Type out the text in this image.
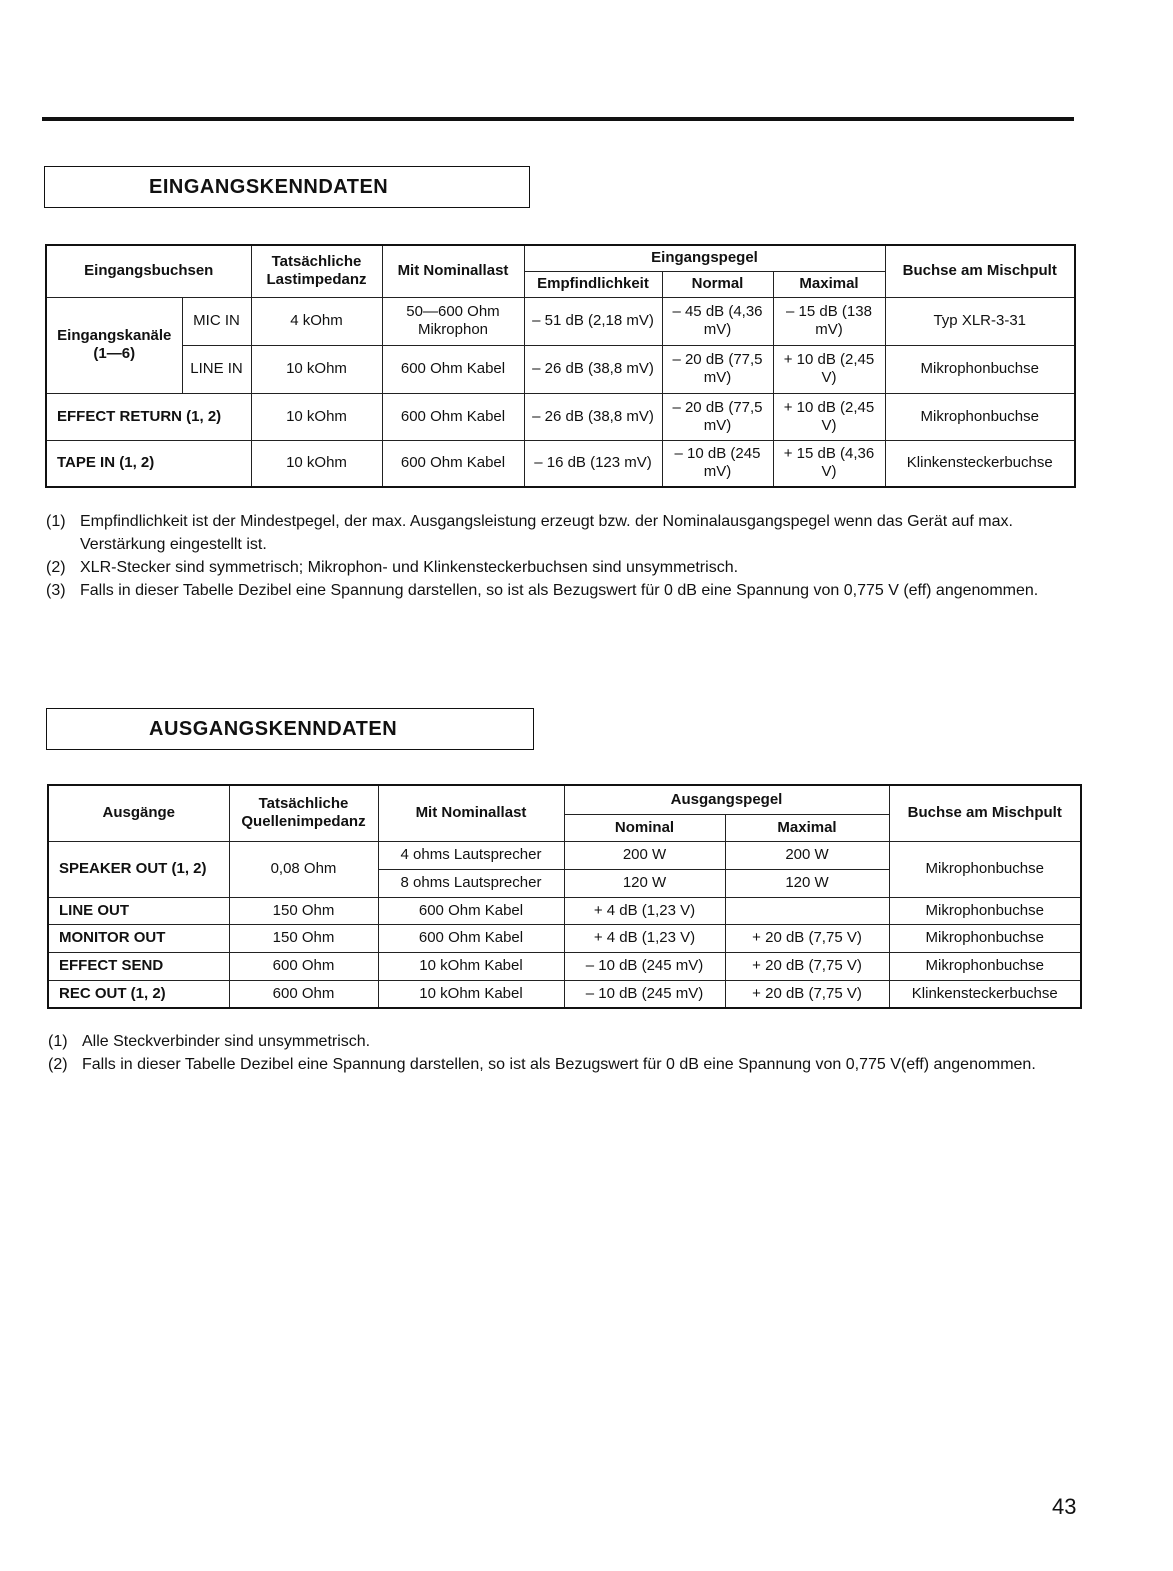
EINGANGSKENNDATEN
Eingangsbuchsen		Tatsächliche Lastimpedanz	Mit Nominallast	Eingangspegel			Buchse am Mischpult
				Empfindlichkeit	Normal	Maximal	
Eingangskanäle (1—6)	MIC IN	4 kOhm	50—600 Ohm Mikrophon	– 51 dB (2,18 mV)	– 45 dB (4,36 mV)	– 15 dB (138 mV)	Typ XLR-3-31
	LINE IN	10 kOhm	600 Ohm Kabel	– 26 dB (38,8 mV)	– 20 dB (77,5 mV)	+ 10 dB (2,45 V)	Mikrophonbuchse
EFFECT RETURN (1, 2)		10 kOhm	600 Ohm Kabel	– 26 dB (38,8 mV)	– 20 dB (77,5 mV)	+ 10 dB (2,45 V)	Mikrophonbuchse
TAPE IN (1, 2)		10 kOhm	600 Ohm Kabel	– 16 dB (123 mV)	– 10 dB (245 mV)	+ 15 dB (4,36 V)	Klinkensteckerbuchse
(1) Empfindlichkeit ist der Mindestpegel, der max. Ausgangsleistung erzeugt bzw. der Nominalausgangspegel wenn das Gerät auf max. Verstärkung eingestellt ist.
(2) XLR-Stecker sind symmetrisch; Mikrophon- und Klinkensteckerbuchsen sind unsymmetrisch.
(3) Falls in dieser Tabelle Dezibel eine Spannung darstellen, so ist als Bezugswert für 0 dB eine Spannung von 0,775 V (eff) angenommen.
AUSGANGSKENNDATEN
Ausgänge	Tatsächliche Quellenimpedanz	Mit Nominallast	Ausgangspegel		Buchse am Mischpult
			Nominal	Maximal	
SPEAKER OUT (1, 2)	0,08 Ohm	4 ohms Lautsprecher	200 W	200 W	Mikrophonbuchse
		8 ohms Lautsprecher	120 W	120 W	
LINE OUT	150 Ohm	600 Ohm Kabel	+ 4 dB (1,23 V)		Mikrophonbuchse
MONITOR OUT	150 Ohm	600 Ohm Kabel	+ 4 dB (1,23 V)	+ 20 dB (7,75 V)	Mikrophonbuchse
EFFECT SEND	600 Ohm	10 kOhm Kabel	– 10 dB (245 mV)	+ 20 dB (7,75 V)	Mikrophonbuchse
REC OUT (1, 2)	600 Ohm	10 kOhm Kabel	– 10 dB (245 mV)	+ 20 dB (7,75 V)	Klinkensteckerbuchse
(1) Alle Steckverbinder sind unsymmetrisch.
(2) Falls in dieser Tabelle Dezibel eine Spannung darstellen, so ist als Bezugswert für 0 dB eine Spannung von 0,775 V(eff) angenommen.
43
